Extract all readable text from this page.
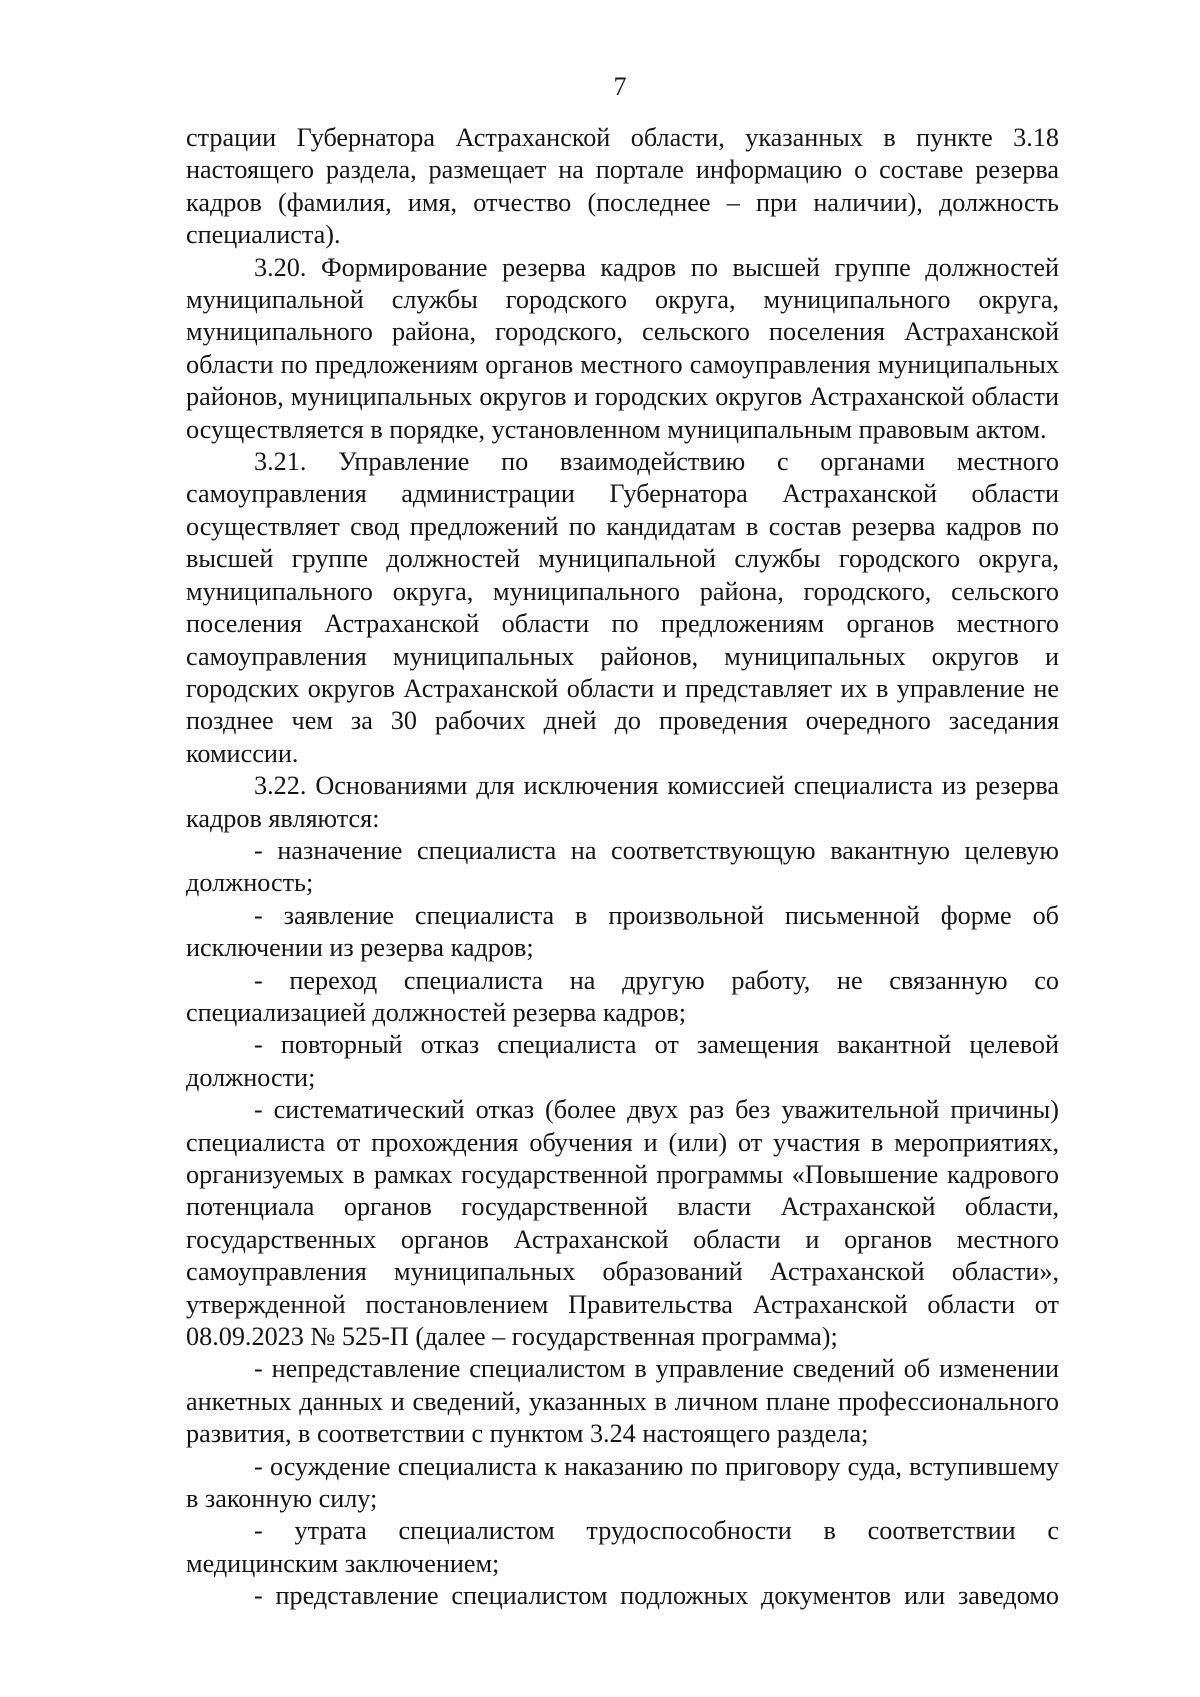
7

страции Губернатора Астраханской области, указанных в пункте 3.18 настоящего раздела, размещает на портале информацию о составе резерва кадров (фамилия, имя, отчество (последнее – при наличии), должность специалиста).

3.20. Формирование резерва кадров по высшей группе должностей муниципальной службы городского округа, муниципального округа, муниципального района, городского, сельского поселения Астраханской области по предложениям органов местного самоуправления муниципальных районов, муниципальных округов и городских округов Астраханской области осуществляется в порядке, установленном муниципальным правовым актом.

3.21. Управление по взаимодействию с органами местного самоуправления администрации Губернатора Астраханской области осуществляет свод предложений по кандидатам в состав резерва кадров по высшей группе должностей муниципальной службы городского округа, муниципального округа, муниципального района, городского, сельского поселения Астраханской области по предложениям органов местного самоуправления муниципальных районов, муниципальных округов и городских округов Астраханской области и представляет их в управление не позднее чем за 30 рабочих дней до проведения очередного заседания комиссии.

3.22. Основаниями для исключения комиссией специалиста из резерва кадров являются:

- назначение специалиста на соответствующую вакантную целевую должность;

- заявление специалиста в произвольной письменной форме об исключении из резерва кадров;

- переход специалиста на другую работу, не связанную со специализацией должностей резерва кадров;

- повторный отказ специалиста от замещения вакантной целевой должности;

- систематический отказ (более двух раз без уважительной причины) специалиста от прохождения обучения и (или) от участия в мероприятиях, организуемых в рамках государственной программы «Повышение кадрового потенциала органов государственной власти Астраханской области, государственных органов Астраханской области и органов местного самоуправления муниципальных образований Астраханской области», утвержденной постановлением Правительства Астраханской области от 08.09.2023 № 525-П (далее – государственная программа);

- непредставление специалистом в управление сведений об изменении анкетных данных и сведений, указанных в личном плане профессионального развития, в соответствии с пунктом 3.24 настоящего раздела;

- осуждение специалиста к наказанию по приговору суда, вступившему в законную силу;

- утрата специалистом трудоспособности в соответствии с медицинским заключением;

- представление специалистом подложных документов или заведомо
